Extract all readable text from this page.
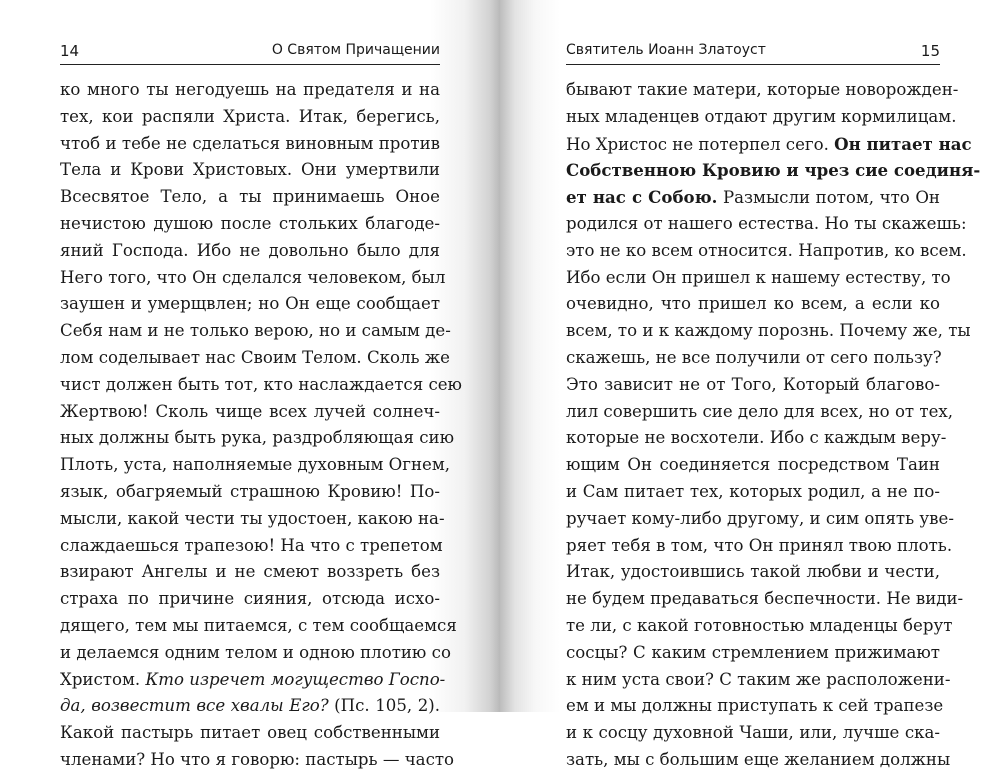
14	О Святом Причащении
ко много ты негодуешь на предателя и на
тех, кои распяли Христа. Итак, берегись,
чтоб и тебе не сделаться виновным против
Тела и Крови Христовых. Они умертвили
Всесвятое Тело, а ты принимаешь Оное
нечистою душою после стольких благоде-
яний Господа. Ибо не довольно было для
Него того, что Он сделался человеком, был
заушен и умерщвлен; но Он еще сообщает
Себя нам и не только верою, но и самым де-
лом соделывает нас Своим Телом. Сколь же
чист должен быть тот, кто наслаждается сею
Жертвою! Сколь чище всех лучей солнеч-
ных должны быть рука, раздробляющая сию
Плоть, уста, наполняемые духовным Огнем,
язык, обагряемый страшною Кровию! По-
мысли, какой чести ты удостоен, какою на-
слаждаешься трапезою! На что с трепетом
взирают Ангелы и не смеют воззреть без
страха по причине сияния, отсюда исхо-
дящего, тем мы питаемся, с тем сообщаемся
и делаемся одним телом и одною плотию со
Христом. Кто изречет могущество Госпо-
да, возвестит все хвалы Его? (Пс. 105, 2).
Какой пастырь питает овец собственными
членами? Но что я говорю: пастырь — часто
Святитель Иоанн Златоуст	15
бывают такие матери, которые новорожден-
ных младенцев отдают другим кормилицам.
Но Христос не потерпел сего. Он питает нас
Собственною Кровию и чрез сие соединя-
ет нас с Собою. Размысли потом, что Он
родился от нашего естества. Но ты скажешь:
это не ко всем относится. Напротив, ко всем.
Ибо если Он пришел к нашему естеству, то
очевидно, что пришел ко всем, а если ко
всем, то и к каждому порознь. Почему же, ты
скажешь, не все получили от сего пользу?
Это зависит не от Того, Который благово-
лил совершить сие дело для всех, но от тех,
которые не восхотели. Ибо с каждым веру-
ющим Он соединяется посредством Таин
и Сам питает тех, которых родил, а не по-
ручает кому-либо другому, и сим опять уве-
ряет тебя в том, что Он принял твою плоть.
Итак, удостоившись такой любви и чести,
не будем предаваться беспечности. Не види-
те ли, с какой готовностью младенцы берут
сосцы? С каким стремлением прижимают
к ним уста свои? С таким же расположени-
ем и мы должны приступать к сей трапезе
и к сосцу духовной Чаши, или, лучше ска-
зать, мы с большим еще желанием должны
